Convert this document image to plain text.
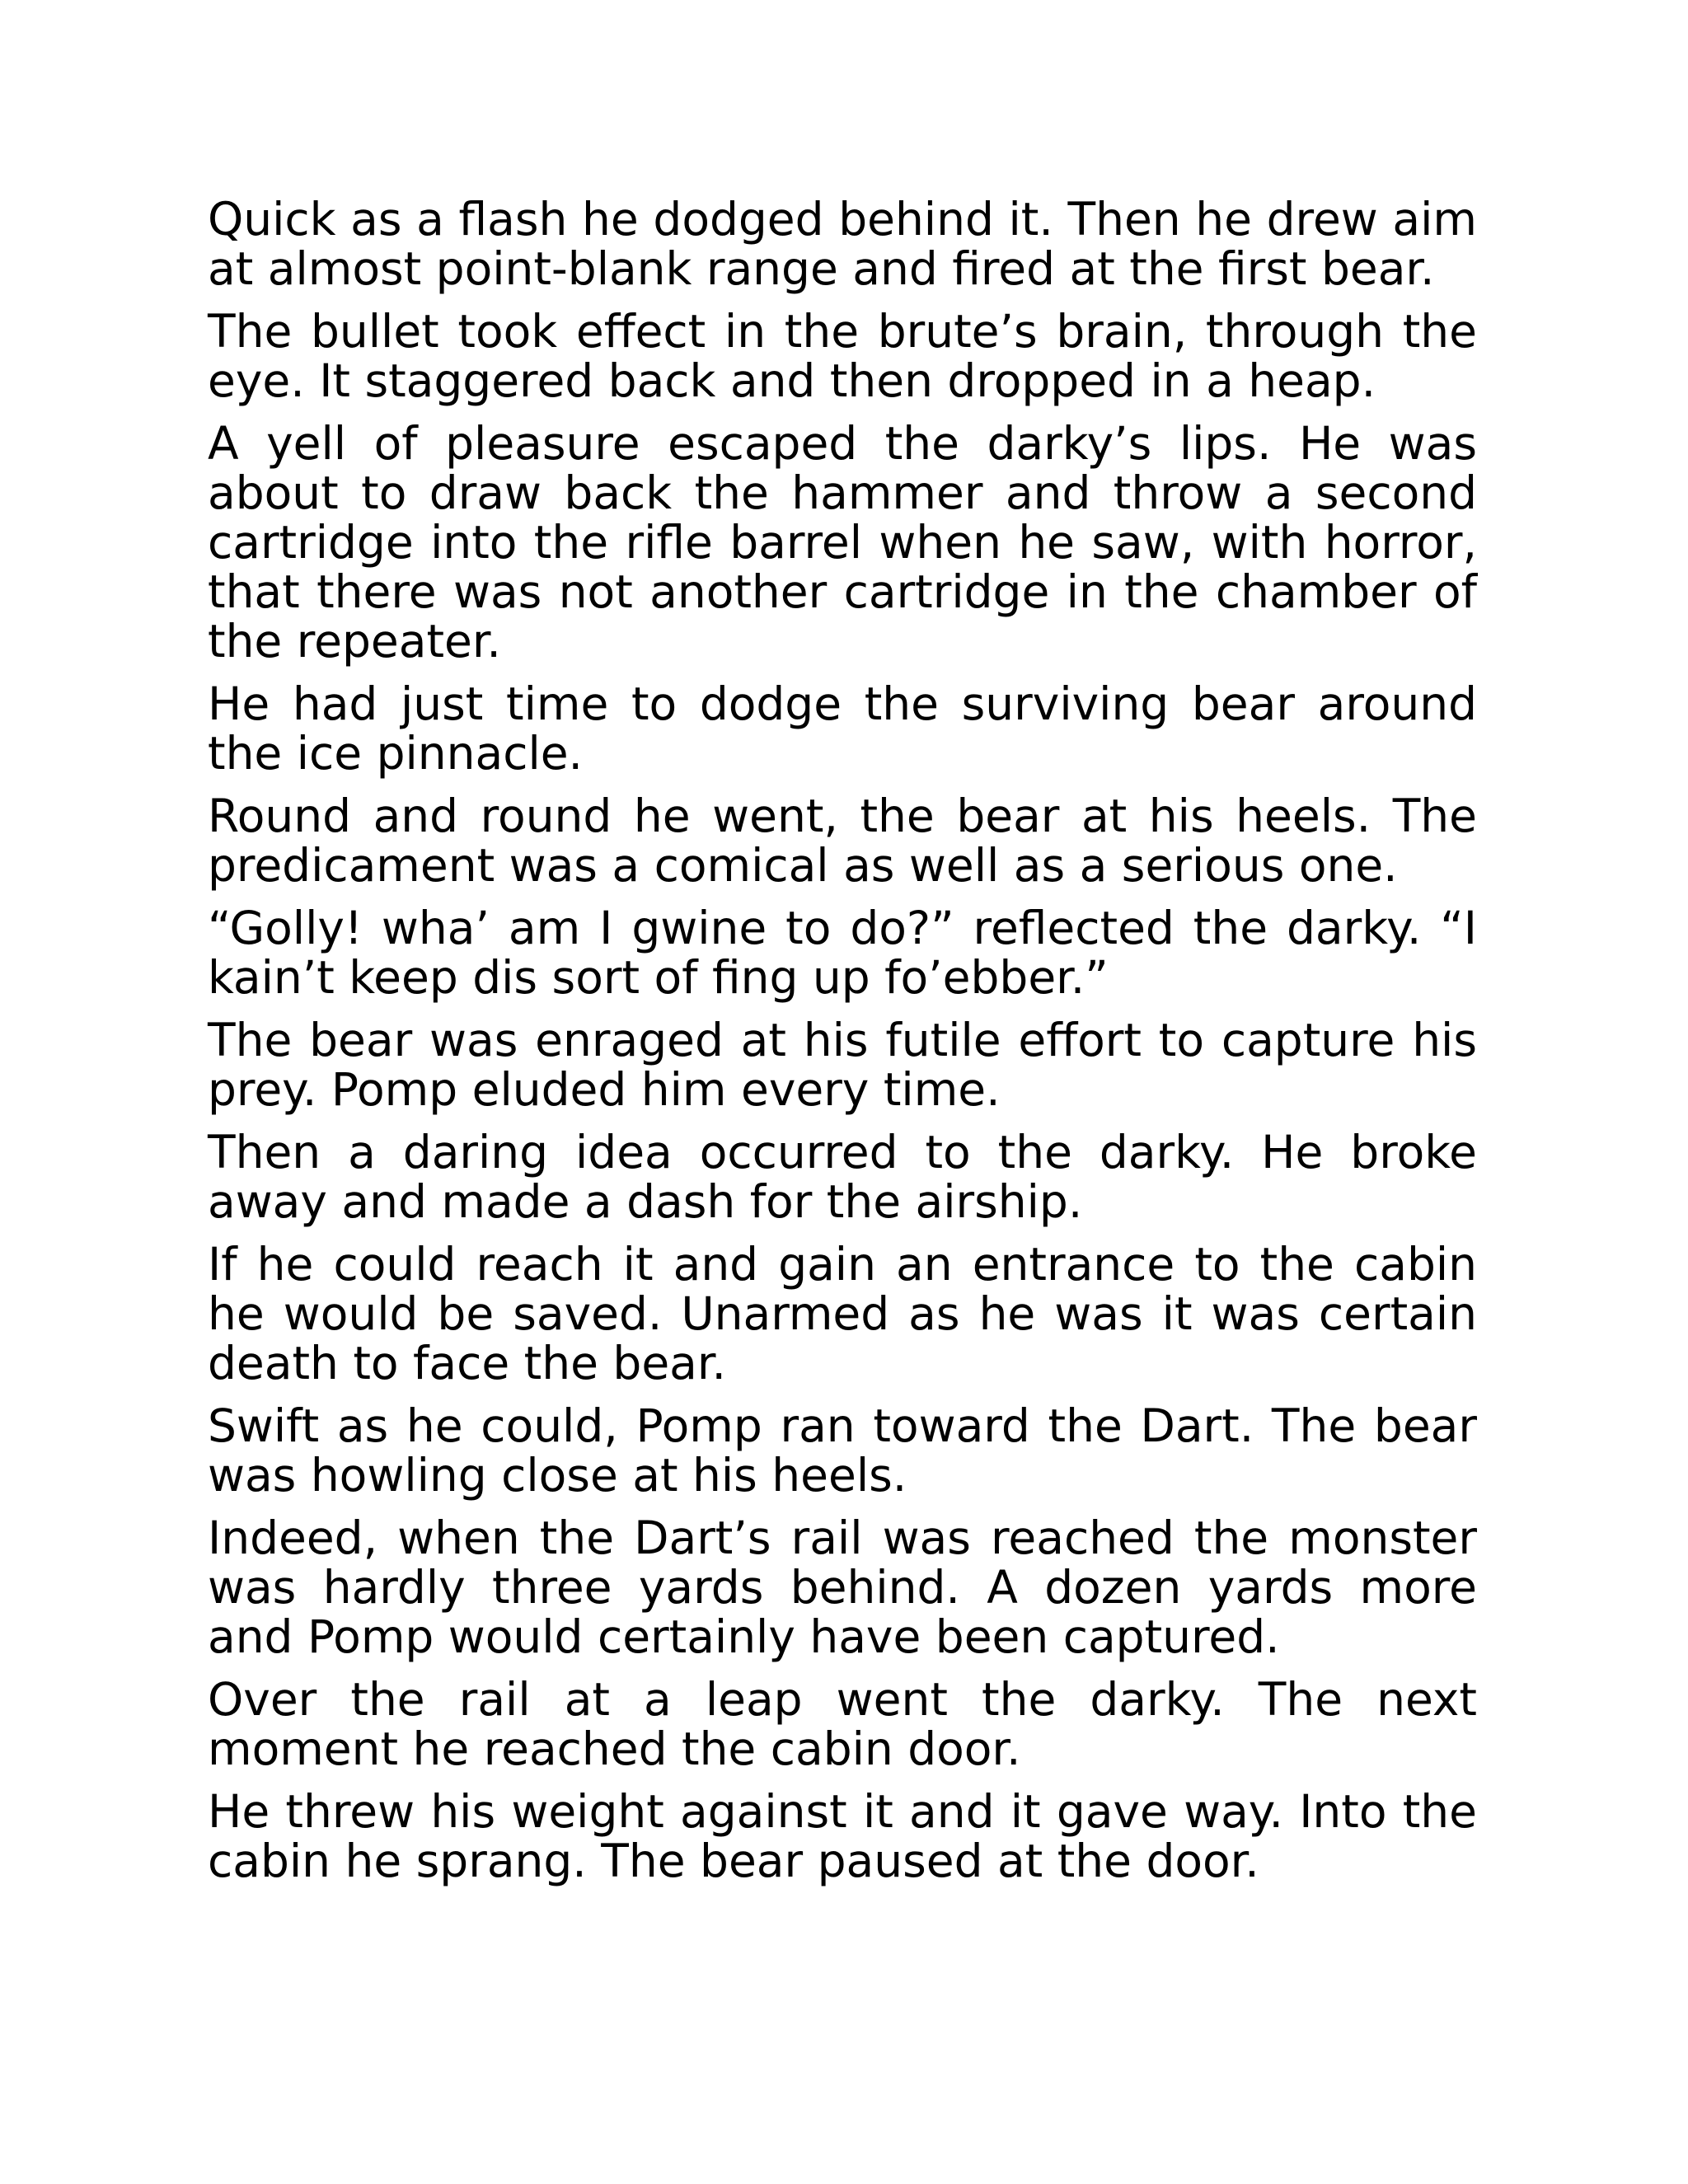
Quick as a flash he dodged behind it. Then he drew aim at almost point-blank range and fired at the first bear.

The bullet took effect in the brute’s brain, through the eye. It staggered back and then dropped in a heap.

A yell of pleasure escaped the darky’s lips. He was about to draw back the hammer and throw a second cartridge into the rifle barrel when he saw, with horror, that there was not another cartridge in the chamber of the repeater.

He had just time to dodge the surviving bear around the ice pinnacle.

Round and round he went, the bear at his heels. The predicament was a comical as well as a serious one.

“Golly! wha’ am I gwine to do?” reflected the darky. “I kain’t keep dis sort of fing up fo’ebber.”

The bear was enraged at his futile effort to capture his prey. Pomp eluded him every time.

Then a daring idea occurred to the darky. He broke away and made a dash for the airship.

If he could reach it and gain an entrance to the cabin he would be saved. Unarmed as he was it was certain death to face the bear.

Swift as he could, Pomp ran toward the Dart. The bear was howling close at his heels.

Indeed, when the Dart’s rail was reached the monster was hardly three yards behind. A dozen yards more and Pomp would certainly have been captured.

Over the rail at a leap went the darky. The next moment he reached the cabin door.

He threw his weight against it and it gave way. Into the cabin he sprang. The bear paused at the door.
